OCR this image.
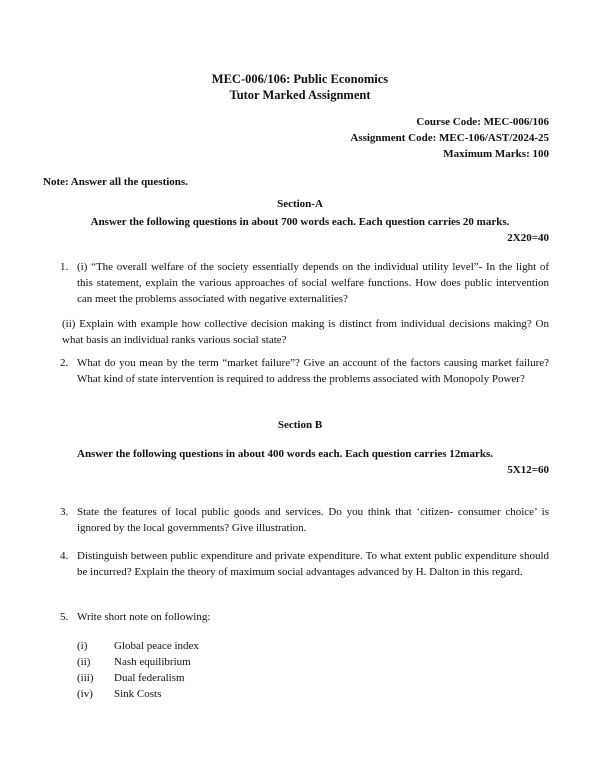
MEC-006/106: Public Economics
Tutor Marked Assignment
Course Code: MEC-006/106
Assignment Code: MEC-106/AST/2024-25
Maximum Marks: 100
Note: Answer all the questions.
Section-A
Answer the following questions in about 700 words each. Each question carries 20 marks.
2X20=40
1. (i) “The overall welfare of the society essentially depends on the individual utility level”- In the light of this statement, explain the various approaches of social welfare functions. How does public intervention can meet the problems associated with negative externalities?
(ii) Explain with example how collective decision making is distinct from individual decisions making? On what basis an individual ranks various social state?
2. What do you mean by the term “market failure”? Give an account of the factors causing market failure? What kind of state intervention is required to address the problems associated with Monopoly Power?
Section B
Answer the following questions in about 400 words each. Each question carries 12marks.
5X12=60
3. State the features of local public goods and services. Do you think that ‘citizen- consumer choice’ is ignored by the local governments? Give illustration.
4. Distinguish between public expenditure and private expenditure. To what extent public expenditure should be incurred? Explain the theory of maximum social advantages advanced by H. Dalton in this regard.
5. Write short note on following:
(i) Global peace index
(ii) Nash equilibrium
(iii) Dual federalism
(iv) Sink Costs
